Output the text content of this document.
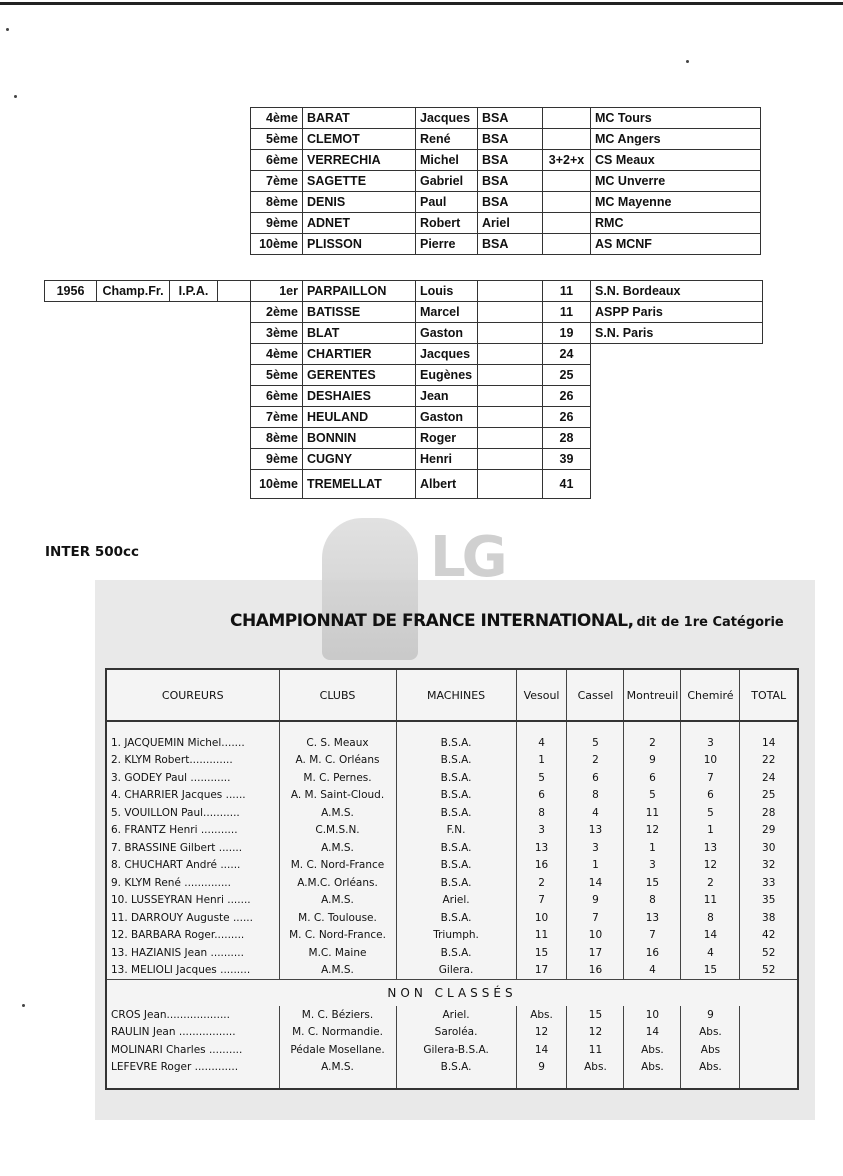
4ème	BARAT	Jacques	BSA		MC Tours
5ème	CLEMOT	René	BSA		MC Angers
6ème	VERRECHIA	Michel	BSA	3+2+x	CS Meaux
7ème	SAGETTE	Gabriel	BSA		MC Unverre
8ème	DENIS	Paul	BSA		MC Mayenne
9ème	ADNET	Robert	Ariel		RMC
10ème	PLISSON	Pierre	BSA		AS MCNF
1956	Champ.Fr.	I.P.A.		1er	PARPAILLON	Louis		11	S.N. Bordeaux
				2ème	BATISSE	Marcel		11	ASPP Paris
				3ème	BLAT	Gaston		19	S.N. Paris
				4ème	CHARTIER	Jacques		24	
				5ème	GERENTES	Eugènes		25	
				6ème	DESHAIES	Jean		26	
				7ème	HEULAND	Gaston		26	
				8ème	BONNIN	Roger		28	
				9ème	CUGNY	Henri		39	
				10ème	TREMELLAT	Albert		41	
INTER 500cc	LG
CHAMPIONNAT DE FRANCE INTERNATIONAL, dit de 1re Catégorie
COUREURS	CLUBS	MACHINES	Vesoul	Cassel	Montreuil	Chemiré	TOTAL

1. JACQUEMIN Michel.......	C. S. Meaux	B.S.A.	4	5	2	3	14
2. KLYM Robert.............	A. M. C. Orléans	B.S.A.	1	2	9	10	22
3. GODEY Paul ............	M. C. Pernes.	B.S.A.	5	6	6	7	24
4. CHARRIER Jacques ......	A. M. Saint-Cloud.	B.S.A.	6	8	5	6	25
5. VOUILLON Paul...........	A.M.S.	B.S.A.	8	4	11	5	28
6. FRANTZ Henri ...........	C.M.S.N.	F.N.	3	13	12	1	29
7. BRASSINE Gilbert .......	A.M.S.	B.S.A.	13	3	1	13	30
8. CHUCHART André ......	M. C. Nord-France	B.S.A.	16	1	3	12	32
9. KLYM René ..............	A.M.C. Orléans.	B.S.A.	2	14	15	2	33
10. LUSSEYRAN Henri .......	A.M.S.	Ariel.	7	9	8	11	35
11. DARROUY Auguste ......	M. C. Toulouse.	B.S.A.	10	7	13	8	38
12. BARBARA Roger.........	M. C. Nord-France.	Triumph.	11	10	7	14	42
13. HAZIANIS Jean ..........	M.C. Maine	B.S.A.	15	17	16	4	52
13. MELIOLI Jacques .........	A.M.S.	Gilera.	17	16	4	15	52
NON CLASSÉS							
CROS Jean...................	M. C. Béziers.	Ariel.	Abs.	15	10	9	
RAULIN Jean .................	M. C. Normandie.	Saroléa.	12	12	14	Abs.	
MOLINARI Charles ..........	Pédale Mosellane.	Gilera-B.S.A.	14	11	Abs.	Abs	
LEFEVRE Roger .............	A.M.S.	B.S.A.	9	Abs.	Abs.	Abs.	
